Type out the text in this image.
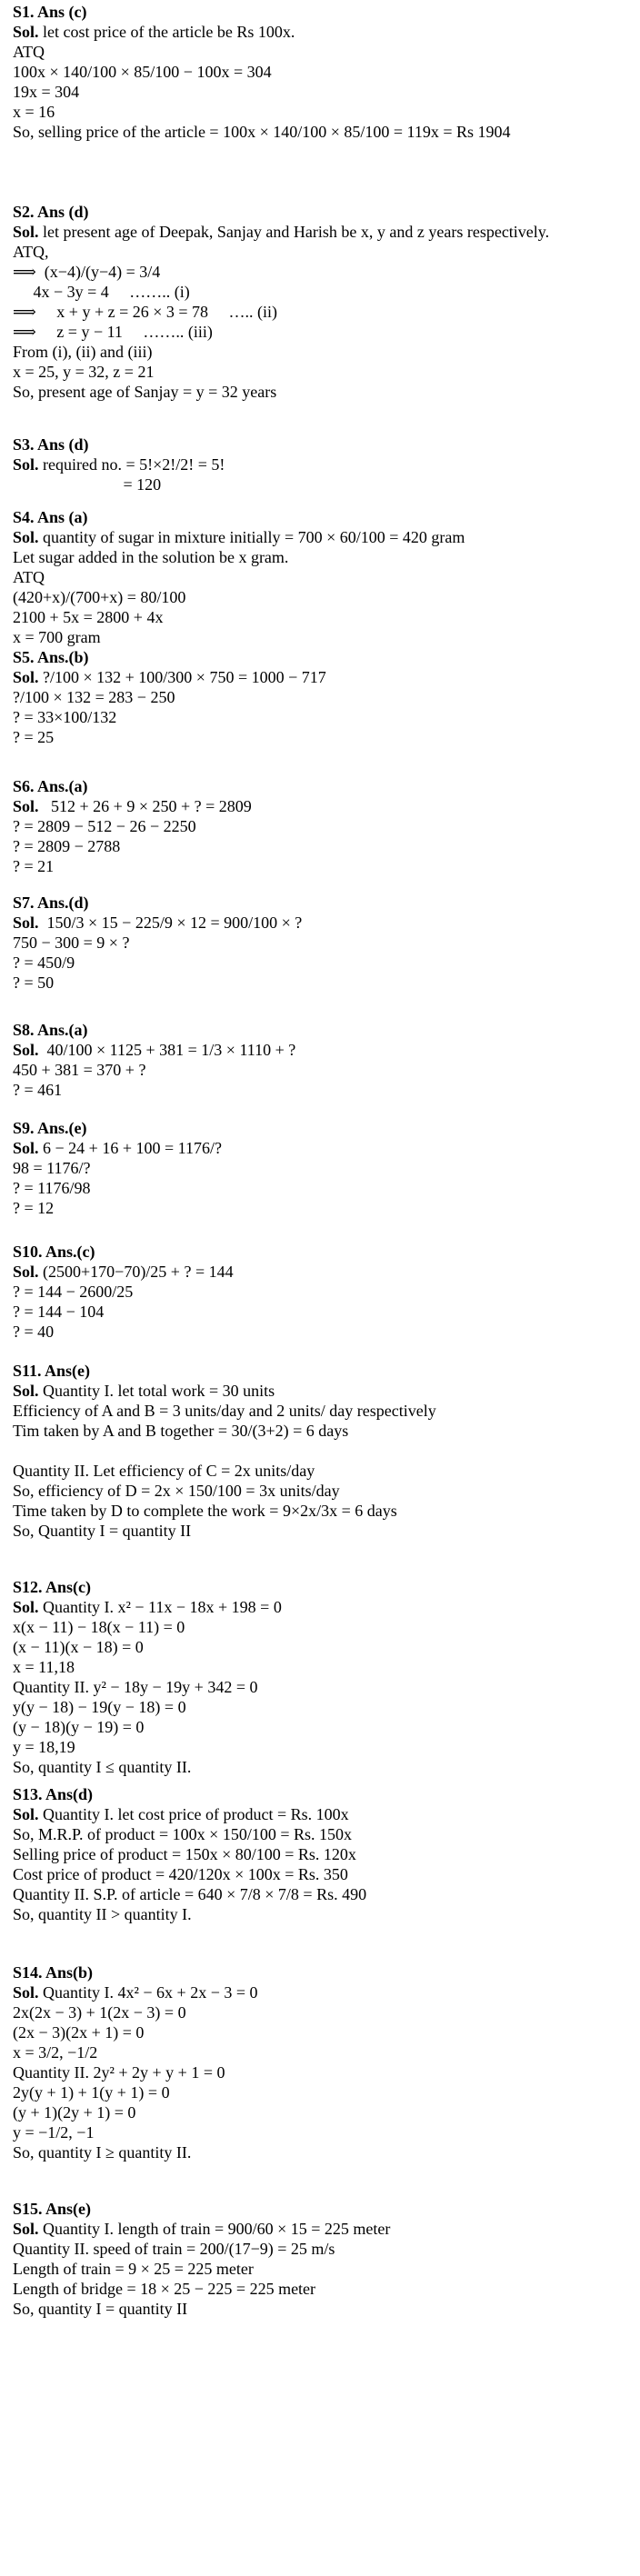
S1. Ans (c)
Sol. let cost price of the article be Rs 100x.
ATQ
100x × 140/100 × 85/100 − 100x = 304
19x = 304
x = 16
So, selling price of the article = 100x × 140/100 × 85/100 = 119x = Rs 1904
S2. Ans (d)
Sol. let present age of Deepak, Sanjay and Harish be x, y and z years respectively.
ATQ,
⟹  (x−4)/(y−4) = 3/4
4x − 3y = 4     …….. (i)
⟹     x + y + z = 26 × 3 = 78     ….. (ii)
⟹     z = y − 11     …….. (iii)
From (i), (ii) and (iii)
x = 25, y = 32, z = 21
So, present age of Sanjay = y = 32 years
S3. Ans (d)
Sol. required no. = 5!×2!/2! = 5!
= 120
S4. Ans (a)
Sol. quantity of sugar in mixture initially = 700 × 60/100 = 420 gram
Let sugar added in the solution be x gram.
ATQ
(420+x)/(700+x) = 80/100
2100 + 5x = 2800 + 4x
x = 700 gram
S5. Ans.(b)
Sol. ?/100 × 132 + 100/300 × 750 = 1000 − 717
?/100 × 132 = 283 − 250
? = 33×100/132
? = 25
S6. Ans.(a)
Sol.   512 + 26 + 9 × 250 + ? = 2809
? = 2809 − 512 − 26 − 2250
? = 2809 − 2788
? = 21
S7. Ans.(d)
Sol.  150/3 × 15 − 225/9 × 12 = 900/100 × ?
750 − 300 = 9 × ?
? = 450/9
? = 50
S8. Ans.(a)
Sol.  40/100 × 1125 + 381 = 1/3 × 1110 + ?
450 + 381 = 370 + ?
? = 461
S9. Ans.(e)
Sol. 6 − 24 + 16 + 100 = 1176/?
98 = 1176/?
? = 1176/98
? = 12
S10. Ans.(c)
Sol. (2500+170−70)/25 + ? = 144
? = 144 − 2600/25
? = 144 − 104
? = 40
S11. Ans(e)
Sol. Quantity I. let total work = 30 units
Efficiency of A and B = 3 units/day and 2 units/ day respectively
Tim taken by A and B together = 30/(3+2) = 6 days
Quantity II. Let efficiency of C = 2x units/day
So, efficiency of D = 2x × 150/100 = 3x units/day
Time taken by D to complete the work = 9×2x/3x = 6 days
So, Quantity I = quantity II
S12. Ans(c)
Sol. Quantity I. x² − 11x − 18x + 198 = 0
x(x − 11) − 18(x − 11) = 0
(x − 11)(x − 18) = 0
x = 11,18
Quantity II. y² − 18y − 19y + 342 = 0
y(y − 18) − 19(y − 18) = 0
(y − 18)(y − 19) = 0
y = 18,19
So, quantity I ≤ quantity II.
S13. Ans(d)
Sol. Quantity I. let cost price of product = Rs. 100x
So, M.R.P. of product = 100x × 150/100 = Rs. 150x
Selling price of product = 150x × 80/100 = Rs. 120x
Cost price of product = 420/120x × 100x = Rs. 350
Quantity II. S.P. of article = 640 × 7/8 × 7/8 = Rs. 490
So, quantity II > quantity I.
S14. Ans(b)
Sol. Quantity I. 4x² − 6x + 2x − 3 = 0
2x(2x − 3) + 1(2x − 3) = 0
(2x − 3)(2x + 1) = 0
x = 3/2, −1/2
Quantity II. 2y² + 2y + y + 1 = 0
2y(y + 1) + 1(y + 1) = 0
(y + 1)(2y + 1) = 0
y = −1/2, −1
So, quantity I ≥ quantity II.
S15. Ans(e)
Sol. Quantity I. length of train = 900/60 × 15 = 225 meter
Quantity II. speed of train = 200/(17−9) = 25 m/s
Length of train = 9 × 25 = 225 meter
Length of bridge = 18 × 25 − 225 = 225 meter
So, quantity I = quantity II
